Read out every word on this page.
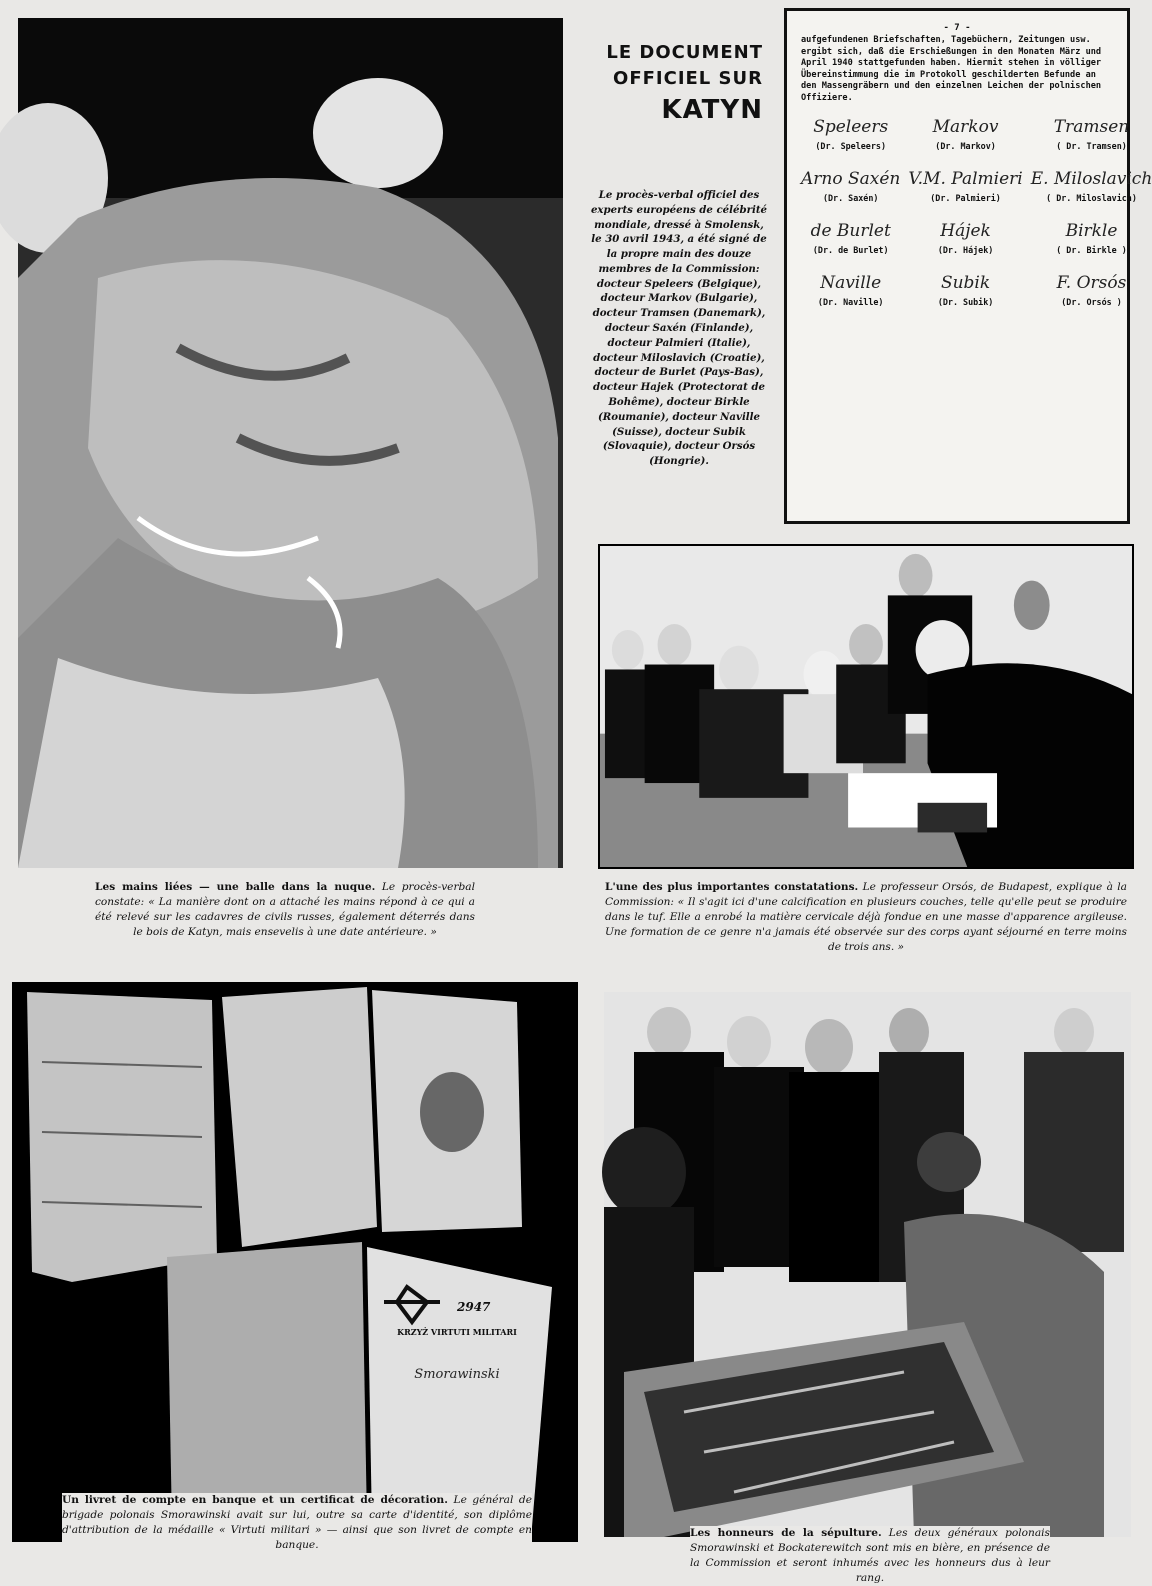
Les mains liées — une balle dans la nuque. Le procès-verbal constate: « La manière dont on a attaché les mains répond à ce qui a été relevé sur les cadavres de civils russes, également déterrés dans le bois de Katyn, mais ensevelis à une date antérieure. »
LE DOCUMENT
OFFICIEL SUR
KATYN
Le procès-verbal officiel des experts européens de célébrité mondiale, dressé à Smolensk, le 30 avril 1943, a été signé de la propre main des douze membres de la Commission: docteur Speleers (Belgique), docteur Markov (Bulgarie), docteur Tramsen (Danemark), docteur Saxén (Finlande), docteur Palmieri (Italie), docteur Miloslavich (Croatie), docteur de Burlet (Pays-Bas), docteur Hajek (Protectorat de Bohême), docteur Birkle (Roumanie), docteur Naville (Suisse), docteur Subik (Slovaquie), docteur Orsós (Hongrie).
- 7 -
aufgefundenen Briefschaften, Tagebüchern, Zeitungen usw. ergibt sich, daß die Erschießungen in den Monaten März und April 1940 stattgefunden haben. Hiermit stehen in völliger Übereinstimmung die im Protokoll geschilderten Befunde an den Massengräbern und den einzelnen Leichen der polnischen Offiziere.
Speleers
(Dr. Speleers)
Markov
(Dr. Markov)
Tramsen
( Dr. Tramsen)
Arno Saxén
(Dr. Saxén)
V.M. Palmieri
(Dr. Palmieri)
E. Miloslavich
( Dr. Miloslavich)
de Burlet
(Dr. de Burlet)
Hájek
(Dr. Hájek)
Birkle
( Dr. Birkle )
Naville
(Dr. Naville)
Subik
(Dr. Subik)
F. Orsós
(Dr. Orsós )
L'une des plus importantes constatations. Le professeur Orsós, de Budapest, explique à la Commission: « Il s'agit ici d'une calcification en plusieurs couches, telle qu'elle peut se produire dans le tuf. Elle a enrobé la matière cervicale déjà fondue en une masse d'apparence argileuse. Une formation de ce genre n'a jamais été observée sur des corps ayant séjourné en terre moins de trois ans. »
2947
KRZYŻ VIRTUTI MILITARI
Smorawinski
Un livret de compte en banque et un certificat de décoration. Le général de brigade polonais Smorawinski avait sur lui, outre sa carte d'identité, son diplôme d'attribution de la médaille « Virtuti militari » — ainsi que son livret de compte en banque.
Les honneurs de la sépulture. Les deux généraux polonais Smorawinski et Bockaterewitch sont mis en bière, en présence de la Commission et seront inhumés avec les honneurs dus à leur rang.
